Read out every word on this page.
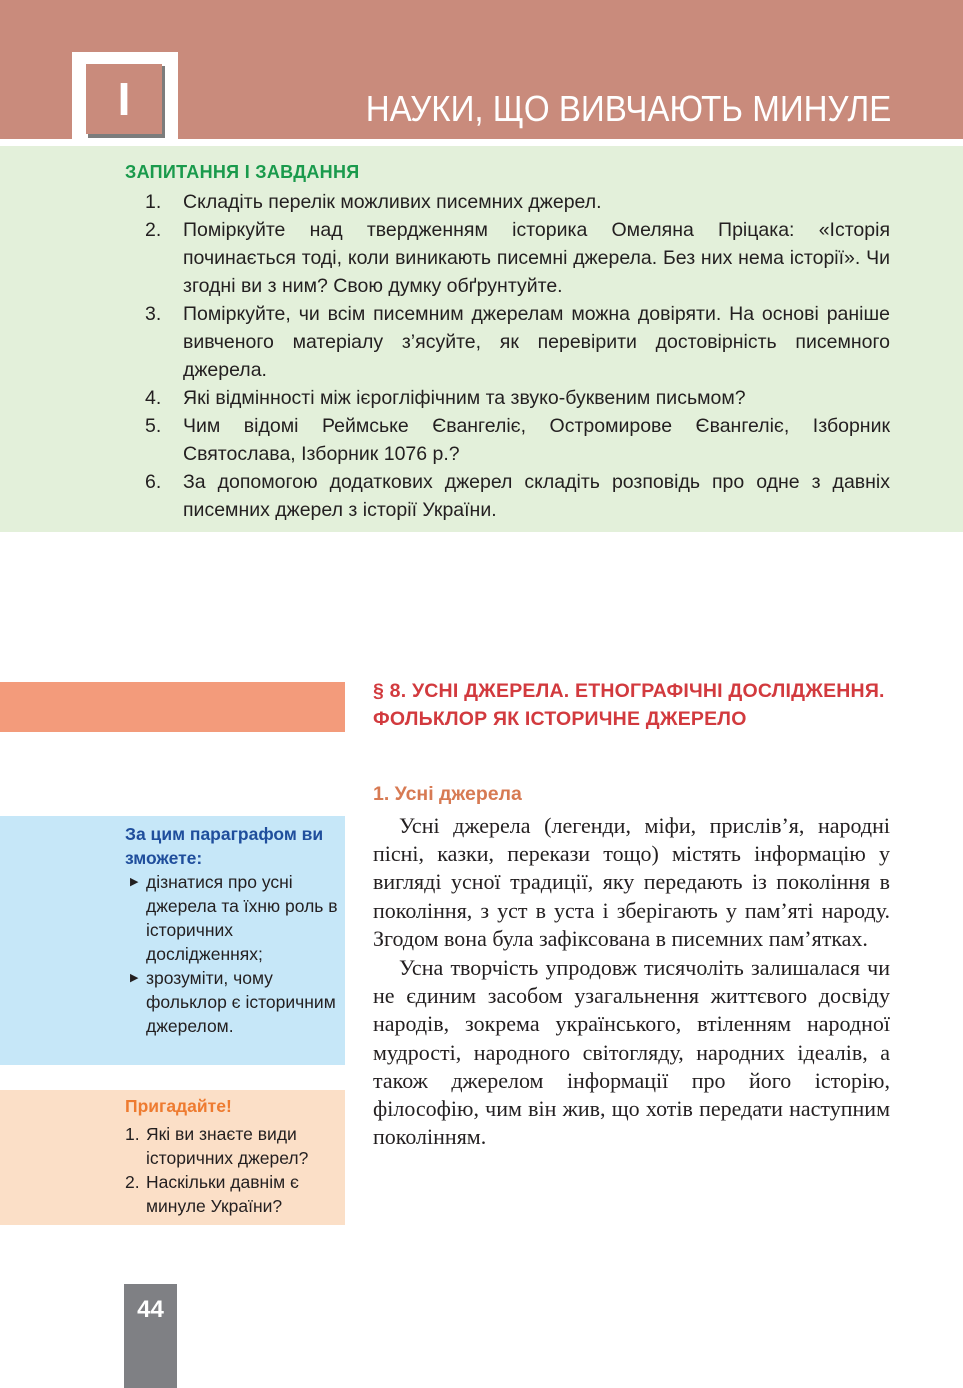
I	НАУКИ, ЩО ВИВЧАЮТЬ МИНУЛЕ
ЗАПИТАННЯ І ЗАВДАННЯ
1. Складіть перелік можливих писемних джерел.
2. Поміркуйте над твердженням історика Омеляна Пріцака: «Історія починається тоді, коли виникають писемні джерела. Без них нема історії». Чи згодні ви з ним? Свою думку обґрунтуйте.
3. Поміркуйте, чи всім писемним джерелам можна довіряти. На основі раніше вивченого матеріалу з’ясуйте, як перевірити достовірність писемного джерела.
4. Які відмінності між ієрогліфічним та звуко-буквеним письмом?
5. Чим відомі Реймське Євангеліє, Остромирове Євангеліє, Ізборник Святослава, Ізборник 1076 р.?
6. За допомогою додаткових джерел складіть розповідь про одне з давніх писемних джерел з історії України.
За цим параграфом ви зможете:
▶ дізнатися про усні джерела та їхню роль в історичних дослідженнях;
▶ зрозуміти, чому фольклор є історичним джерелом.
Пригадайте!
1. Які ви знаєте види історичних джерел?
2. Наскільки давнім є минуле України?
§ 8. УСНІ ДЖЕРЕЛА. ЕТНОГРАФІЧНІ ДОСЛІДЖЕННЯ. ФОЛЬКЛОР ЯК ІСТОРИЧНЕ ДЖЕРЕЛО
1. Усні джерела

Усні джерела (легенди, міфи, прислів’я, народні пісні, казки, перекази тощо) містять інформацію у вигляді усної традиції, яку передають із покоління в покоління, з уст в уста і зберігають у пам’яті народу. Згодом вона була зафіксована в писемних пам’ятках.

Усна творчість упродовж тисячоліть залишалася чи не єдиним засобом узагальнення життєвого досвіду народів, зокрема українського, втіленням народної мудрості, народного світогляду, народних ідеалів, а також джерелом інформації про його історію, філософію, чим він жив, що хотів передати наступним поколінням.

44
